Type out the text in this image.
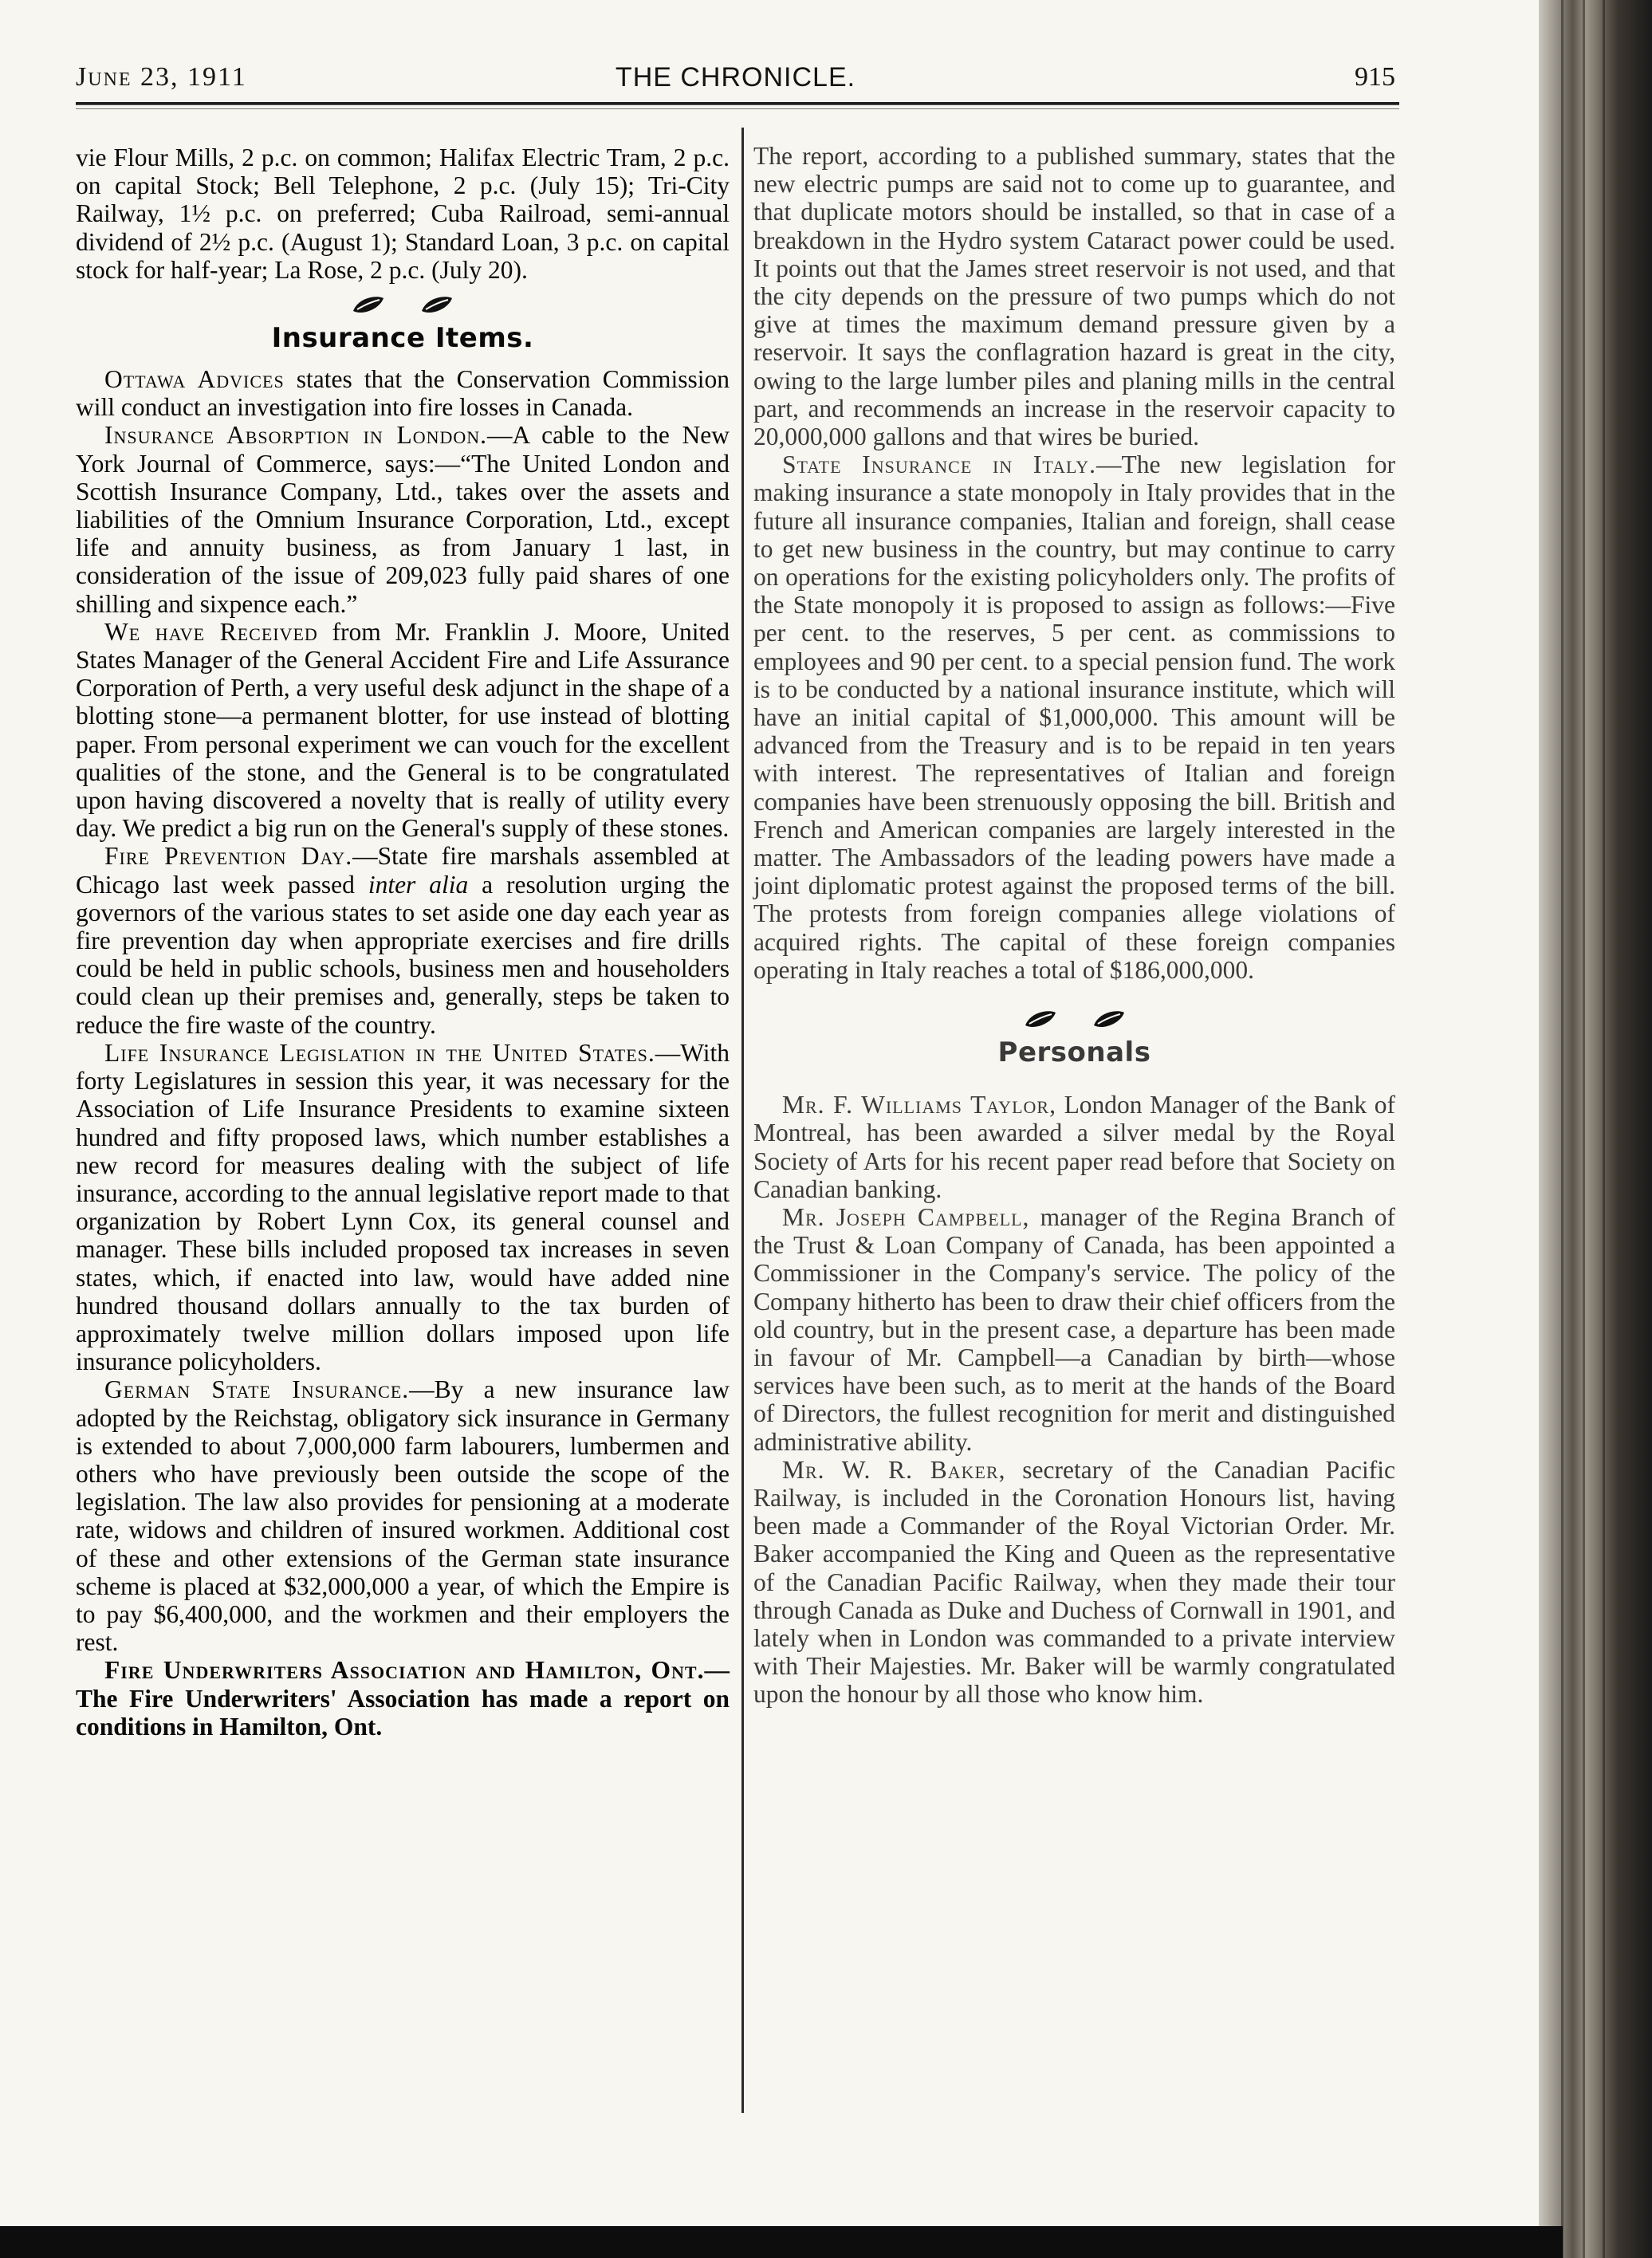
June 23, 1911	THE CHRONICLE.	915

vie Flour Mills, 2 p.c. on common; Halifax Electric Tram, 2 p.c. on capital Stock; Bell Telephone, 2 p.c. (July 15); Tri-City Railway, 1½ p.c. on preferred; Cuba Railroad, semi-annual dividend of 2½ p.c. (August 1); Standard Loan, 3 p.c. on capital stock for half-year; La Rose, 2 p.c. (July 20).

Insurance Items.

Ottawa Advices states that the Conservation Commission will conduct an investigation into fire losses in Canada.

Insurance Absorption in London.—A cable to the New York Journal of Commerce, says:—“The United London and Scottish Insurance Company, Ltd., takes over the assets and liabilities of the Omnium Insurance Corporation, Ltd., except life and annuity business, as from January 1 last, in consideration of the issue of 209,023 fully paid shares of one shilling and sixpence each.”

We have Received from Mr. Franklin J. Moore, United States Manager of the General Accident Fire and Life Assurance Corporation of Perth, a very useful desk adjunct in the shape of a blotting stone—a permanent blotter, for use instead of blotting paper. From personal experiment we can vouch for the excellent qualities of the stone, and the General is to be congratulated upon having discovered a novelty that is really of utility every day. We predict a big run on the General's supply of these stones.

Fire Prevention Day.—State fire marshals assembled at Chicago last week passed inter alia a resolution urging the governors of the various states to set aside one day each year as fire prevention day when appropriate exercises and fire drills could be held in public schools, business men and householders could clean up their premises and, generally, steps be taken to reduce the fire waste of the country.

Life Insurance Legislation in the United States.—With forty Legislatures in session this year, it was necessary for the Association of Life Insurance Presidents to examine sixteen hundred and fifty proposed laws, which number establishes a new record for measures dealing with the subject of life insurance, according to the annual legislative report made to that organization by Robert Lynn Cox, its general counsel and manager. These bills included proposed tax increases in seven states, which, if enacted into law, would have added nine hundred thousand dollars annually to the tax burden of approximately twelve million dollars imposed upon life insurance policyholders.

German State Insurance.—By a new insurance law adopted by the Reichstag, obligatory sick insurance in Germany is extended to about 7,000,000 farm labourers, lumbermen and others who have previously been outside the scope of the legislation. The law also provides for pensioning at a moderate rate, widows and children of insured workmen. Additional cost of these and other extensions of the German state insurance scheme is placed at $32,000,000 a year, of which the Empire is to pay $6,400,000, and the workmen and their employers the rest.

Fire Underwriters Association and Hamilton, Ont.—The Fire Underwriters' Association has made a report on conditions in Hamilton, Ont.

The report, according to a published summary, states that the new electric pumps are said not to come up to guarantee, and that duplicate motors should be installed, so that in case of a breakdown in the Hydro system Cataract power could be used. It points out that the James street reservoir is not used, and that the city depends on the pressure of two pumps which do not give at times the maximum demand pressure given by a reservoir. It says the conflagration hazard is great in the city, owing to the large lumber piles and planing mills in the central part, and recommends an increase in the reservoir capacity to 20,000,000 gallons and that wires be buried.

State Insurance in Italy.—The new legislation for making insurance a state monopoly in Italy provides that in the future all insurance companies, Italian and foreign, shall cease to get new business in the country, but may continue to carry on operations for the existing policyholders only. The profits of the State monopoly it is proposed to assign as follows:—Five per cent. to the reserves, 5 per cent. as commissions to employees and 90 per cent. to a special pension fund. The work is to be conducted by a national insurance institute, which will have an initial capital of $1,000,000. This amount will be advanced from the Treasury and is to be repaid in ten years with interest. The representatives of Italian and foreign companies have been strenuously opposing the bill. British and French and American companies are largely interested in the matter. The Ambassadors of the leading powers have made a joint diplomatic protest against the proposed terms of the bill. The protests from foreign companies allege violations of acquired rights. The capital of these foreign companies operating in Italy reaches a total of $186,000,000.

Personals

Mr. F. Williams Taylor, London Manager of the Bank of Montreal, has been awarded a silver medal by the Royal Society of Arts for his recent paper read before that Society on Canadian banking.

Mr. Joseph Campbell, manager of the Regina Branch of the Trust & Loan Company of Canada, has been appointed a Commissioner in the Company's service. The policy of the Company hitherto has been to draw their chief officers from the old country, but in the present case, a departure has been made in favour of Mr. Campbell—a Canadian by birth—whose services have been such, as to merit at the hands of the Board of Directors, the fullest recognition for merit and distinguished administrative ability.

Mr. W. R. Baker, secretary of the Canadian Pacific Railway, is included in the Coronation Honours list, having been made a Commander of the Royal Victorian Order. Mr. Baker accompanied the King and Queen as the representative of the Canadian Pacific Railway, when they made their tour through Canada as Duke and Duchess of Cornwall in 1901, and lately when in London was commanded to a private interview with Their Majesties. Mr. Baker will be warmly congratulated upon the honour by all those who know him.
